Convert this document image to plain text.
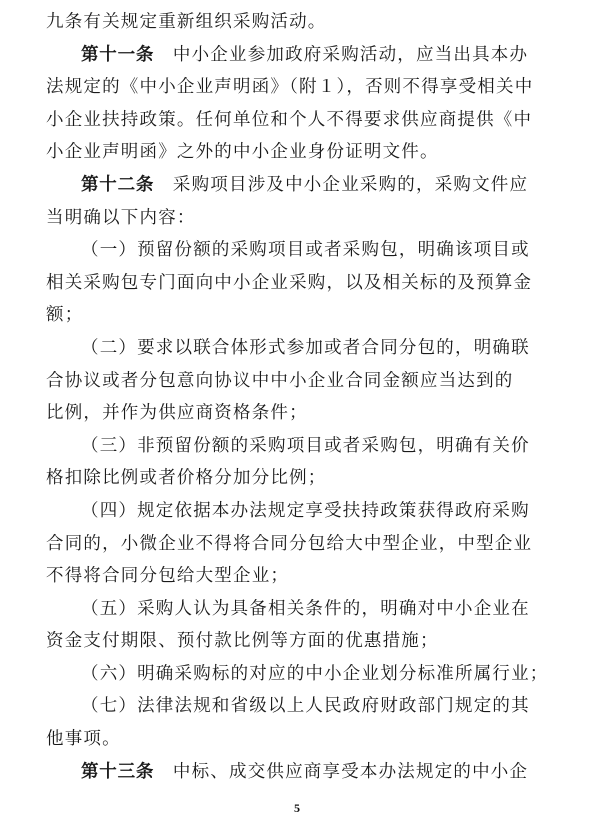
九条有关规定重新组织采购活动。
第十一条　中小企业参加政府采购活动，应当出具本办
法规定的《中小企业声明函》（附１），否则不得享受相关中
小企业扶持政策。任何单位和个人不得要求供应商提供《中
小企业声明函》之外的中小企业身份证明文件。
第十二条　采购项目涉及中小企业采购的，采购文件应
当明确以下内容：
（一）预留份额的采购项目或者采购包，明确该项目或
相关采购包专门面向中小企业采购，以及相关标的及预算金
额；
（二）要求以联合体形式参加或者合同分包的，明确联
合协议或者分包意向协议中中小企业合同金额应当达到的
比例，并作为供应商资格条件；
（三）非预留份额的采购项目或者采购包，明确有关价
格扣除比例或者价格分加分比例；
（四）规定依据本办法规定享受扶持政策获得政府采购
合同的，小微企业不得将合同分包给大中型企业，中型企业
不得将合同分包给大型企业；
（五）采购人认为具备相关条件的，明确对中小企业在
资金支付期限、预付款比例等方面的优惠措施；
（六）明确采购标的对应的中小企业划分标准所属行业；
（七）法律法规和省级以上人民政府财政部门规定的其
他事项。
第十三条　中标、成交供应商享受本办法规定的中小企

5
